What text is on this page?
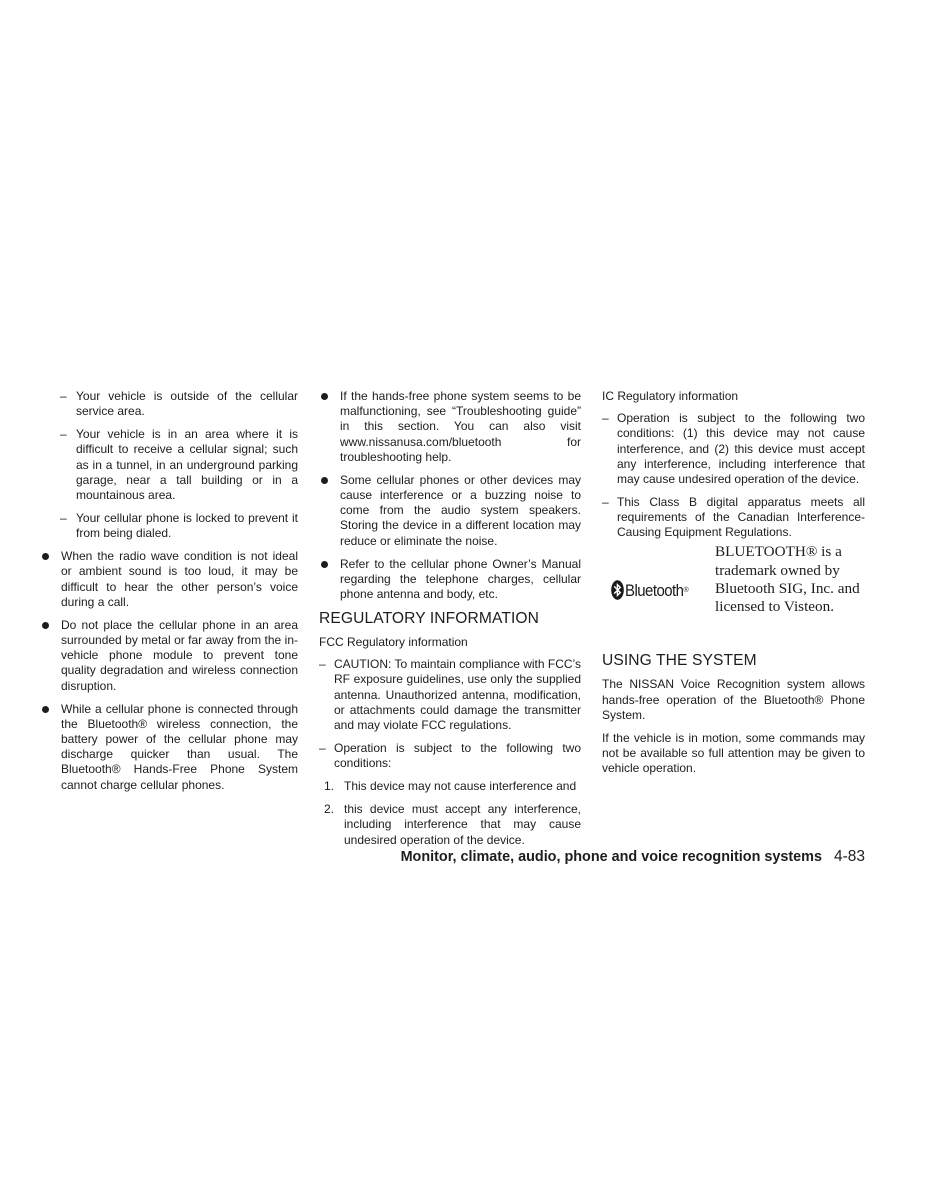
– Your vehicle is outside of the cellular service area.
– Your vehicle is in an area where it is difficult to receive a cellular signal; such as in a tunnel, in an underground parking garage, near a tall building or in a mountainous area.
– Your cellular phone is locked to prevent it from being dialed.
When the radio wave condition is not ideal or ambient sound is too loud, it may be difficult to hear the other person’s voice during a call.
Do not place the cellular phone in an area surrounded by metal or far away from the in-vehicle phone module to prevent tone quality degradation and wireless connection disruption.
While a cellular phone is connected through the Bluetooth® wireless connection, the battery power of the cellular phone may discharge quicker than usual. The Bluetooth® Hands-Free Phone System cannot charge cellular phones.
If the hands-free phone system seems to be malfunctioning, see “Troubleshooting guide” in this section. You can also visit www.nissanusa.com/bluetooth for troubleshooting help.
Some cellular phones or other devices may cause interference or a buzzing noise to come from the audio system speakers. Storing the device in a different location may reduce or eliminate the noise.
Refer to the cellular phone Owner’s Manual regarding the telephone charges, cellular phone antenna and body, etc.
REGULATORY INFORMATION
FCC Regulatory information
– CAUTION: To maintain compliance with FCC’s RF exposure guidelines, use only the supplied antenna. Unauthorized antenna, modification, or attachments could damage the transmitter and may violate FCC regulations.
– Operation is subject to the following two conditions:
1. This device may not cause interference and
2. this device must accept any interference, including interference that may cause undesired operation of the device.
IC Regulatory information
– Operation is subject to the following two conditions: (1) this device may not cause interference, and (2) this device must accept any interference, including interference that may cause undesired operation of the device.
– This Class B digital apparatus meets all requirements of the Canadian Interference-Causing Equipment Regulations.
Bluetooth ®
BLUETOOTH® is a trademark owned by Bluetooth SIG, Inc. and licensed to Visteon.
USING THE SYSTEM
The NISSAN Voice Recognition system allows hands-free operation of the Bluetooth® Phone System.
If the vehicle is in motion, some commands may not be available so full attention may be given to vehicle operation.
Monitor, climate, audio, phone and voice recognition systems 4-83
